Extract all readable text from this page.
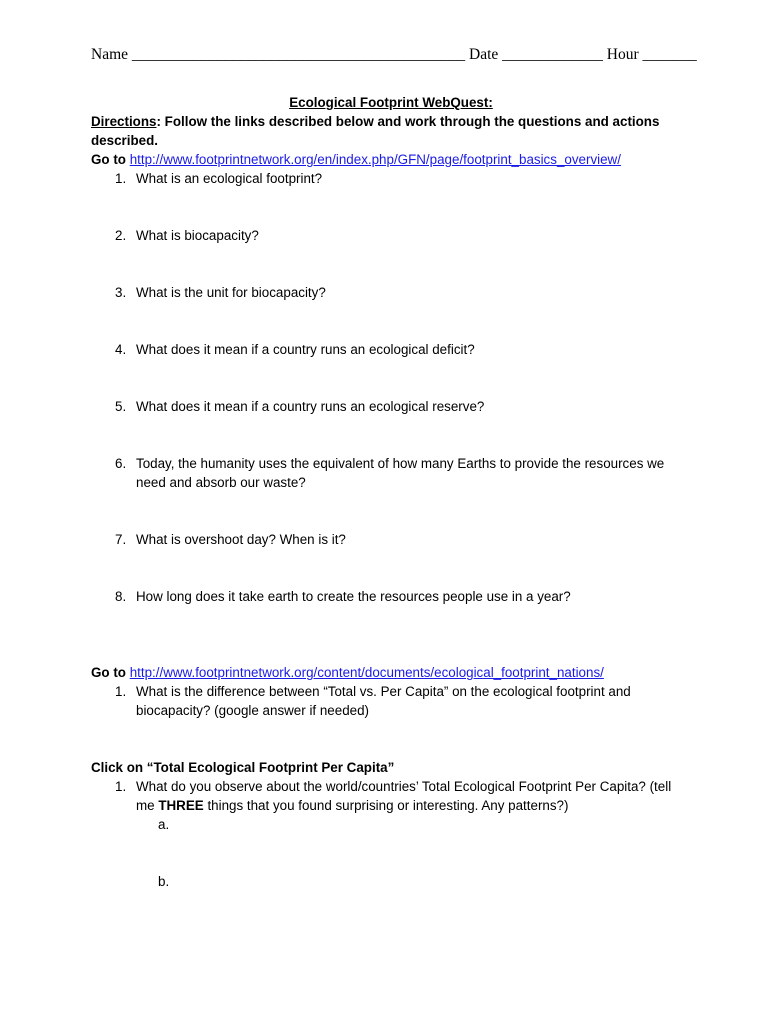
Name ___________________________________________ Date _____________ Hour _______
Ecological Footprint WebQuest:
Directions: Follow the links described below and work through the questions and actions described.
Go to http://www.footprintnetwork.org/en/index.php/GFN/page/footprint_basics_overview/
1. What is an ecological footprint?
2. What is biocapacity?
3. What is the unit for biocapacity?
4. What does it mean if a country runs an ecological deficit?
5. What does it mean if a country runs an ecological reserve?
6. Today, the humanity uses the equivalent of how many Earths to provide the resources we need and absorb our waste?
7. What is overshoot day? When is it?
8. How long does it take earth to create the resources people use in a year?
Go to http://www.footprintnetwork.org/content/documents/ecological_footprint_nations/
1. What is the difference between “Total vs. Per Capita” on the ecological footprint and biocapacity? (google answer if needed)
Click on “Total Ecological Footprint Per Capita”
1. What do you observe about the world/countries’ Total Ecological Footprint Per Capita? (tell me THREE things that you found surprising or interesting. Any patterns?)
a.
b.
